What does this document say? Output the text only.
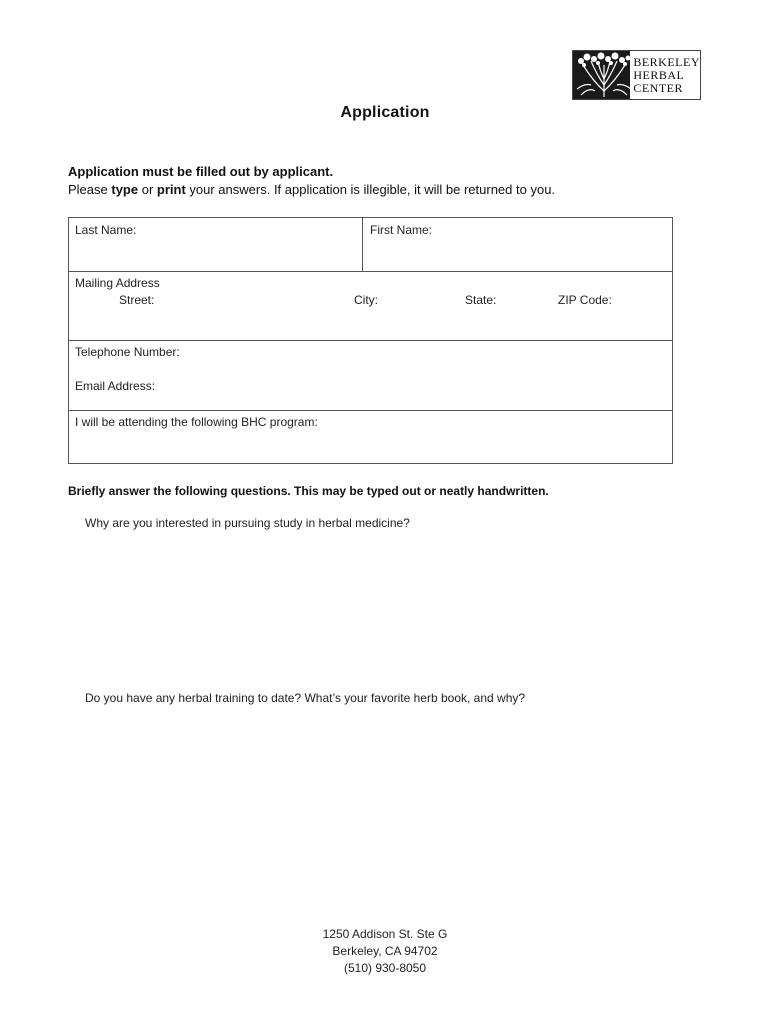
BERKELEY
HERBAL
CENTER
Application
Application must be filled out by applicant.
Please type or print your answers. If application is illegible, it will be returned to you.
Last Name:	First Name:
Mailing Address
Street:	City:	State:	ZIP Code:
Telephone Number:
Email Address:
I will be attending the following BHC program:
Briefly answer the following questions. This may be typed out or neatly handwritten.
Why are you interested in pursuing study in herbal medicine?
Do you have any herbal training to date? What’s your favorite herb book, and why?
1250 Addison St. Ste G
Berkeley, CA 94702
(510) 930-8050
